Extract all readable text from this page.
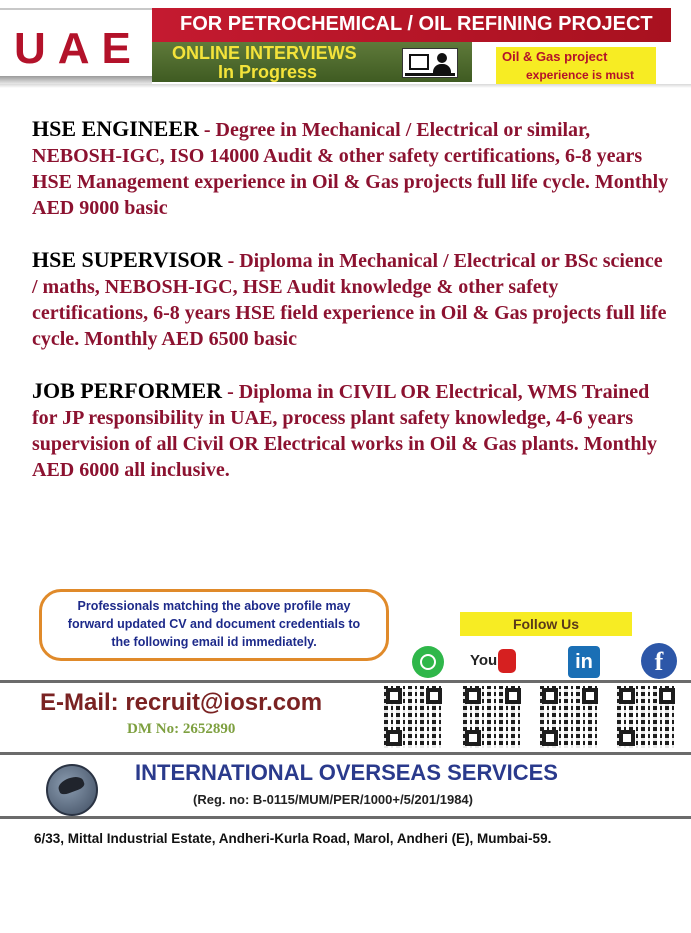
UAE FOR PETROCHEMICAL / OIL REFINING PROJECT
ONLINE INTERVIEWS
In Progress
Oil & Gas project
experience is must
HSE ENGINEER - Degree in Mechanical / Electrical or similar, NEBOSH-IGC, ISO 14000 Audit & other safety certifications, 6-8 years HSE Management experience in Oil & Gas projects full life cycle. Monthly AED 9000 basic
HSE SUPERVISOR - Diploma in Mechanical / Electrical or BSc science / maths, NEBOSH-IGC, HSE Audit knowledge & other safety certifications, 6-8 years HSE field experience in Oil & Gas projects full life cycle. Monthly AED 6500 basic
JOB PERFORMER - Diploma in CIVIL OR Electrical, WMS Trained for JP responsibility in UAE, process plant safety knowledge, 4-6 years supervision of all Civil OR Electrical works in Oil & Gas plants. Monthly AED 6000 all inclusive.
Professionals matching the above profile may
forward updated CV and document credentials to
the following email id immediately.
Follow Us
You	in	f
E-Mail: recruit@iosr.com
DM No: 2652890
INTERNATIONAL OVERSEAS SERVICES
(Reg. no: B-0115/MUM/PER/1000+/5/201/1984)
6/33, Mittal Industrial Estate, Andheri-Kurla Road, Marol, Andheri (E), Mumbai-59.
